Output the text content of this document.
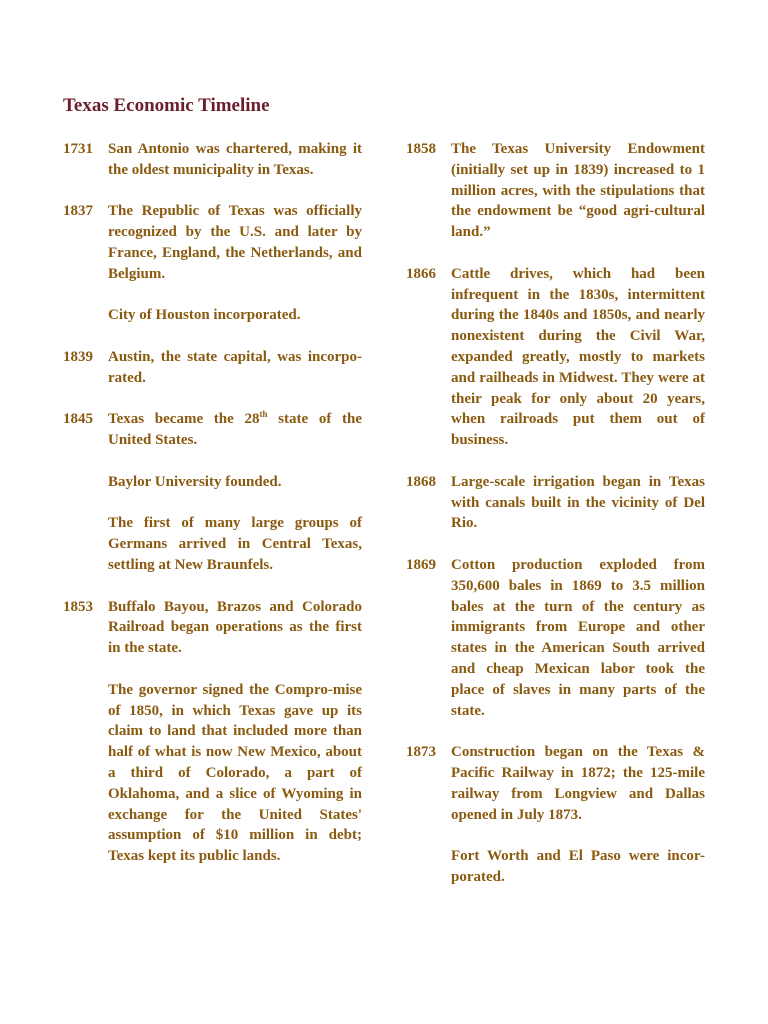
Texas Economic Timeline
1731	San Antonio was chartered, making it the oldest municipality in Texas.

1837	The Republic of Texas was officially recognized by the U.S. and later by France, England, the Netherlands, and Belgium.

City of Houston incorporated.

1839	Austin, the state capital, was incorpo-rated.

1845	Texas became the 28th state of the United States.

Baylor University founded.

The first of many large groups of Germans arrived in Central Texas, settling at New Braunfels.

1853	Buffalo Bayou, Brazos and Colorado Railroad began operations as the first in the state.

The governor signed the Compro-mise of 1850, in which Texas gave up its claim to land that included more than half of what is now New Mexico, about a third of Colorado, a part of Oklahoma, and a slice of Wyoming in exchange for the United States' assumption of $10 million in debt; Texas kept its public lands.

1858	The Texas University Endowment (initially set up in 1839) increased to 1 million acres, with the stipulations that the endowment be “good agri-cultural land.”

1866	Cattle drives, which had been infrequent in the 1830s, intermittent during the 1840s and 1850s, and nearly nonexistent during the Civil War, expanded greatly, mostly to markets and railheads in Midwest. They were at their peak for only about 20 years, when railroads put them out of business.

1868	Large-scale irrigation began in Texas with canals built in the vicinity of Del Rio.

1869	Cotton production exploded from 350,600 bales in 1869 to 3.5 million bales at the turn of the century as immigrants from Europe and other states in the American South arrived and cheap Mexican labor took the place of slaves in many parts of the state.

1873	Construction began on the Texas & Pacific Railway in 1872; the 125-mile railway from Longview and Dallas opened in July 1873.

Fort Worth and El Paso were incor-porated.
